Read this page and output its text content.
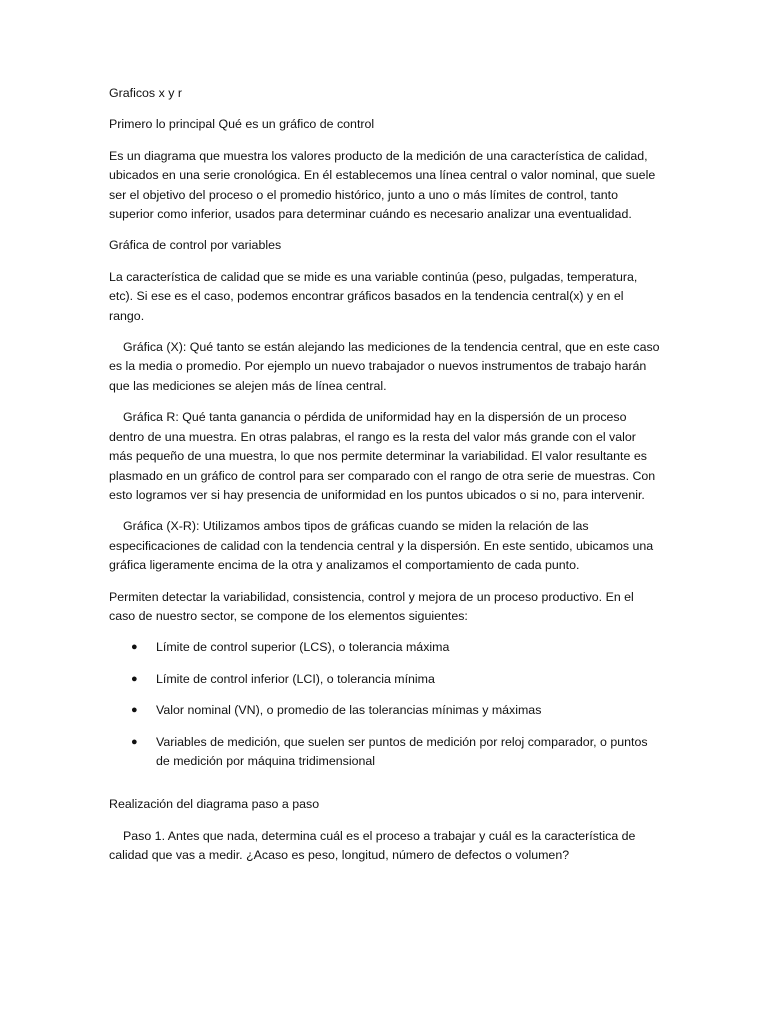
Graficos x y r

Primero lo principal Qué es un gráfico de control

Es un diagrama que muestra los valores producto de la medición de una característica de calidad, ubicados en una serie cronológica. En él establecemos una línea central o valor nominal, que suele ser el objetivo del proceso o el promedio histórico, junto a uno o más límites de control, tanto superior como inferior, usados para determinar cuándo es necesario analizar una eventualidad.

Gráfica de control por variables

La característica de calidad que se mide es una variable continúa (peso, pulgadas, temperatura, etc). Si ese es el caso, podemos encontrar gráficos basados en la tendencia central(x) y en el rango.

Gráfica (X): Qué tanto se están alejando las mediciones de la tendencia central, que en este caso es la media o promedio. Por ejemplo un nuevo trabajador o nuevos instrumentos de trabajo harán que las mediciones se alejen más de línea central.

Gráfica R: Qué tanta ganancia o pérdida de uniformidad hay en la dispersión de un proceso dentro de una muestra. En otras palabras, el rango es la resta del valor más grande con el valor más pequeño de una muestra, lo que nos permite determinar la variabilidad. El valor resultante es plasmado en un gráfico de control para ser comparado con el rango de otra serie de muestras. Con esto logramos ver si hay presencia de uniformidad en los puntos ubicados o si no, para intervenir.

Gráfica (X-R): Utilizamos ambos tipos de gráficas cuando se miden la relación de las especificaciones de calidad con la tendencia central y la dispersión. En este sentido, ubicamos una gráfica ligeramente encima de la otra y analizamos el comportamiento de cada punto.

Permiten detectar la variabilidad, consistencia, control y mejora de un proceso productivo. En el caso de nuestro sector, se compone de los elementos siguientes:

● Límite de control superior (LCS), o tolerancia máxima
● Límite de control inferior (LCI), o tolerancia mínima
● Valor nominal (VN), o promedio de las tolerancias mínimas y máximas
● Variables de medición, que suelen ser puntos de medición por reloj comparador, o puntos de medición por máquina tridimensional

Realización del diagrama paso a paso

Paso 1. Antes que nada, determina cuál es el proceso a trabajar y cuál es la característica de calidad que vas a medir. ¿Acaso es peso, longitud, número de defectos o volumen?
